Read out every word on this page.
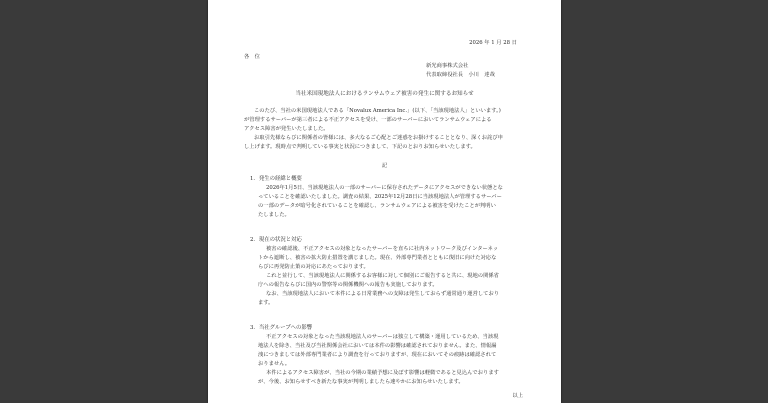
2026 年 1 月 28 日
各　位
新光商事株式会社
代表取締役社長　小川　達哉
当社米国現地法人におけるランサムウェア被害の発生に関するお知らせ
このたび、当社の米国現地法人である「Novalux America Inc.」(以下、「当該現地法人」といいます。)
が管理するサーバーが第三者による不正アクセスを受け、一部のサーバーにおいてランサムウェアによる
アクセス障害が発生いたしました。
お取引先様ならびに関係者の皆様には、多大なるご心配とご迷惑をお掛けすることとなり、深くお詫び申
し上げます。現時点で判明している事実と状況につきまして、下記のとおりお知らせいたします。
記
1．発生の経緯と概要
2026年1月5日、当該現地法人の一部のサーバーに保存されたデータにアクセスができない状態とな
っていることを確認いたしました。調査の結果、2025年12月28日に当該現地法人が管理するサーバー
の一部のデータが暗号化されていることを確認し、ランサムウェアによる被害を受けたことが判明い
たしました。
2．現在の状況と対応
被害の確認後、不正アクセスの対象となったサーバーを直ちに社内ネットワーク及びインターネッ
トから遮断し、被害の拡大防止措置を講じました。現在、外部専門業者とともに復旧に向けた対応な
らびに再発防止策の対応にあたっております。
これと並行して、当該現地法人に関係するお客様に対して個別にご報告すると共に、現地の関係省
庁への報告ならびに国内の警察等の関係機関への報告も実施しております。
なお、当該現地法人において本件による日常業務への支障は発生しておらず通常通り運営しており
ます。
3．当社グループへの影響
不正アクセスの対象となった当該現地法人のサーバーは独立して構築・運用しているため、当該現
地法人を除き、当社及び当社関係会社においては本件の影響は確認されておりません。また、情報漏
洩につきましては外部専門業者により調査を行っておりますが、現在においてその痕跡は確認されて
おりません。
本件によるアクセス障害が、当社の今期の業績予想に及ぼす影響は軽微であると見込んでおります
が、今後、お知らせすべき新たな事実が判明しましたら速やかにお知らせいたします。
以上
